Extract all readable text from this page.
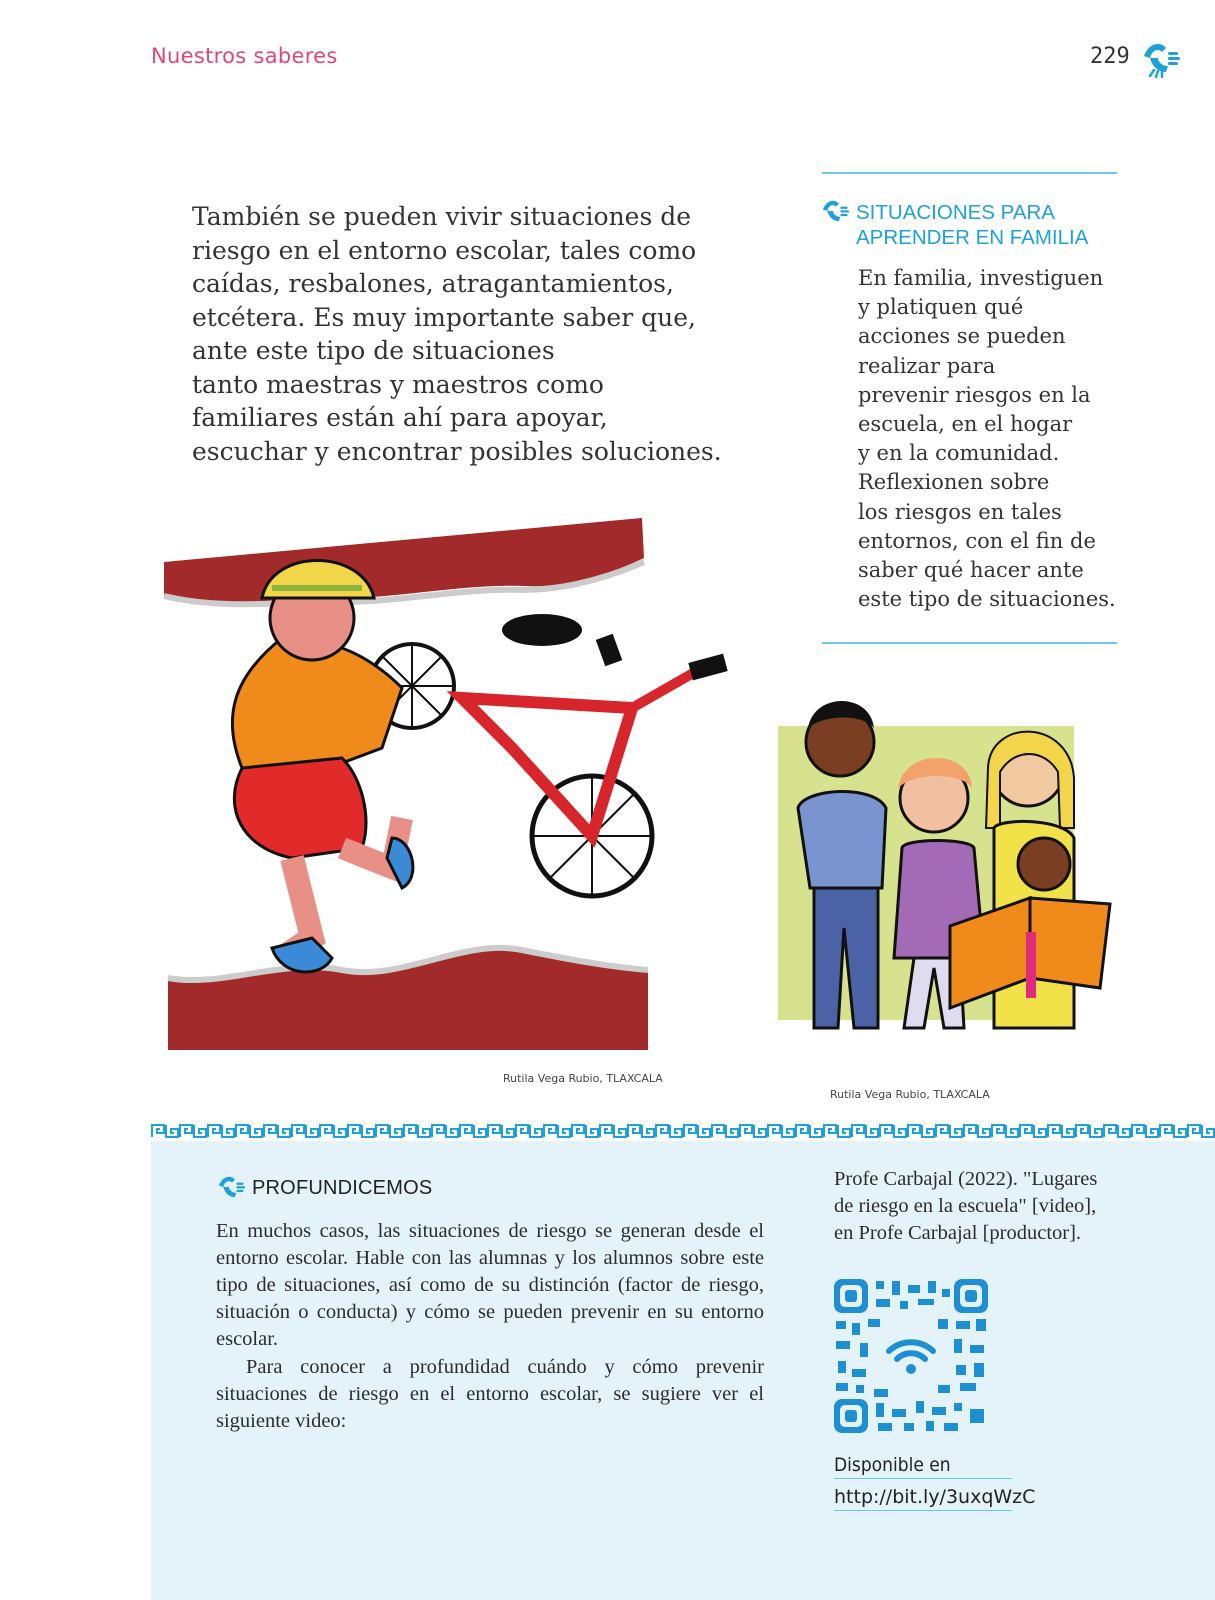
Nuestros saberes	229
También se pueden vivir situaciones de
riesgo en el entorno escolar, tales como
caídas, resbalones, atragantamientos,
etcétera. Es muy importante saber que,
ante este tipo de situaciones
tanto maestras y maestros como
familiares están ahí para apoyar,
escuchar y encontrar posibles soluciones.
SITUACIONES PARA
APRENDER EN FAMILIA
En familia, investiguen
y platiquen qué
acciones se pueden
realizar para
prevenir riesgos en la
escuela, en el hogar
y en la comunidad.
Reflexionen sobre
los riesgos en tales
entornos, con el fin de
saber qué hacer ante
este tipo de situaciones.
Rutila Vega Rubio, TLAXCALA
Rutila Vega Rubio, TLAXCALA
PROFUNDICEMOS
En muchos casos, las situaciones de riesgo se generan desde el entorno escolar. Hable con las alumnas y los alumnos sobre este tipo de situaciones, así como de su distinción (factor de riesgo, situación o conducta) y cómo se pueden prevenir en su entorno escolar.
Para conocer a profundidad cuándo y cómo prevenir situaciones de riesgo en el entorno escolar, se sugiere ver el siguiente video:
Profe Carbajal (2022). "Lugares
de riesgo en la escuela" [video],
en Profe Carbajal [productor].
Disponible en
http://bit.ly/3uxqWzC
